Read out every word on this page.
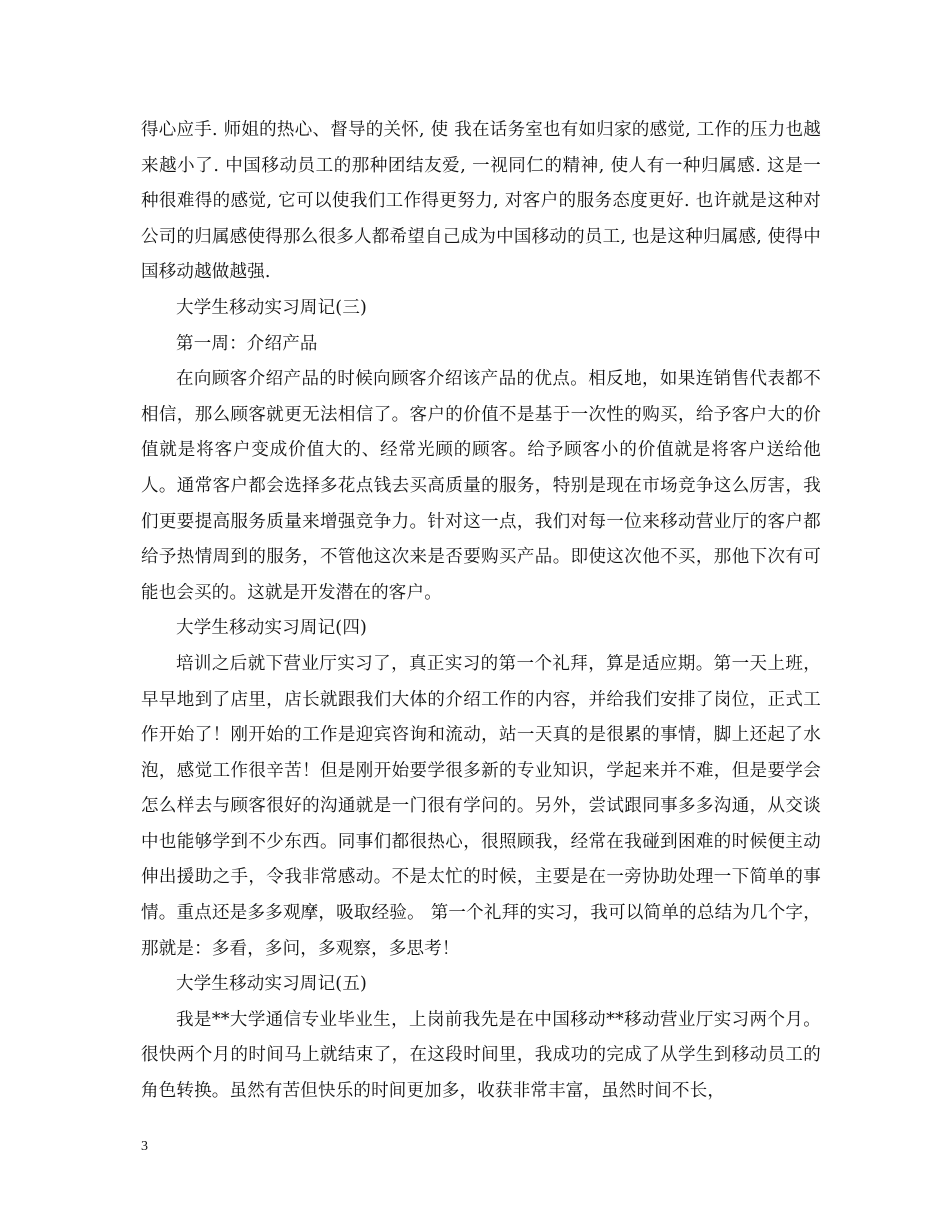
得心应手. 师姐的热心、督导的关怀, 使 我在话务室也有如归家的感觉, 工作的压力也越来越小了. 中国移动员工的那种团结友爱, 一视同仁的精神, 使人有一种归属感. 这是一种很难得的感觉, 它可以使我们工作得更努力, 对客户的服务态度更好. 也许就是这种对公司的归属感使得那么很多人都希望自己成为中国移动的员工, 也是这种归属感, 使得中国移动越做越强.

大学生移动实习周记(三)

第一周：介绍产品

在向顾客介绍产品的时候向顾客介绍该产品的优点。相反地，如果连销售代表都不相信，那么顾客就更无法相信了。客户的价值不是基于一次性的购买，给予客户大的价值就是将客户变成价值大的、经常光顾的顾客。给予顾客小的价值就是将客户送给他人。通常客户都会选择多花点钱去买高质量的服务，特别是现在市场竞争这么厉害，我们更要提高服务质量来增强竞争力。针对这一点，我们对每一位来移动营业厅的客户都给予热情周到的服务，不管他这次来是否要购买产品。即使这次他不买，那他下次有可能也会买的。这就是开发潜在的客户。

大学生移动实习周记(四)

培训之后就下营业厅实习了，真正实习的第一个礼拜，算是适应期。第一天上班，早早地到了店里，店长就跟我们大体的介绍工作的内容，并给我们安排了岗位，正式工作开始了！刚开始的工作是迎宾咨询和流动，站一天真的是很累的事情，脚上还起了水泡，感觉工作很辛苦！但是刚开始要学很多新的专业知识，学起来并不难，但是要学会怎么样去与顾客很好的沟通就是一门很有学问的。另外，尝试跟同事多多沟通，从交谈中也能够学到不少东西。同事们都很热心，很照顾我，经常在我碰到困难的时候便主动伸出援助之手，令我非常感动。不是太忙的时候，主要是在一旁协助处理一下简单的事情。重点还是多多观摩，吸取经验。 第一个礼拜的实习，我可以简单的总结为几个字，那就是：多看，多问，多观察，多思考！

大学生移动实习周记(五)

我是**大学通信专业毕业生，上岗前我先是在中国移动**移动营业厅实习两个月。很快两个月的时间马上就结束了，在这段时间里，我成功的完成了从学生到移动员工的角色转换。虽然有苦但快乐的时间更加多，收获非常丰富，虽然时间不长，

3
